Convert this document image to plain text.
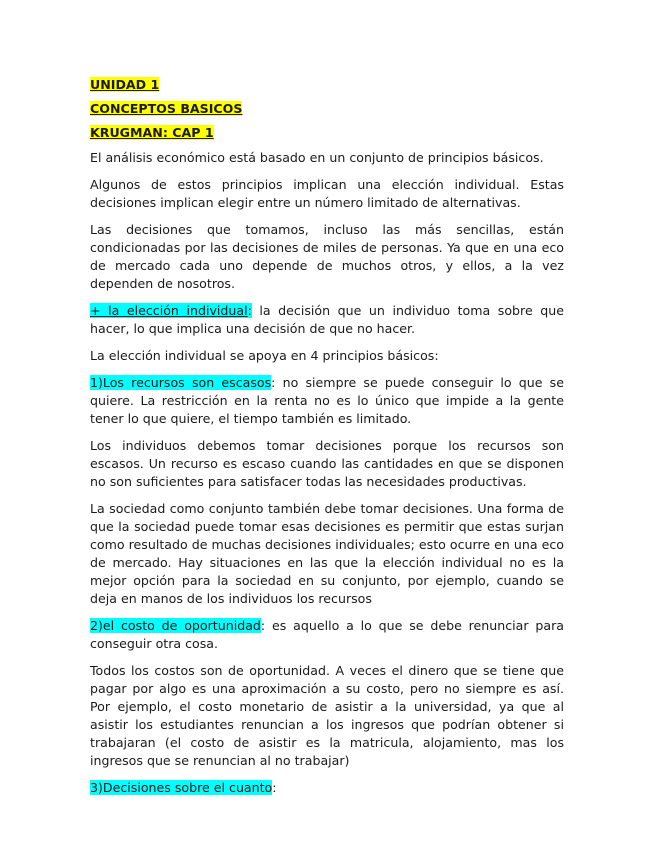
UNIDAD 1
CONCEPTOS BASICOS
KRUGMAN: CAP 1

El análisis económico está basado en un conjunto de principios básicos.

Algunos de estos principios implican una elección individual. Estas decisiones implican elegir entre un número limitado de alternativas.

Las decisiones que tomamos, incluso las más sencillas, están condicionadas por las decisiones de miles de personas. Ya que en una eco de mercado cada uno depende de muchos otros, y ellos, a la vez dependen de nosotros.

+ la elección individual: la decisión que un individuo toma sobre que hacer, lo que implica una decisión de que no hacer.

La elección individual se apoya en 4 principios básicos:

1)Los recursos son escasos: no siempre se puede conseguir lo que se quiere. La restricción en la renta no es lo único que impide a la gente tener lo que quiere, el tiempo también es limitado.

Los individuos debemos tomar decisiones porque los recursos son escasos. Un recurso es escaso cuando las cantidades en que se disponen no son suficientes para satisfacer todas las necesidades productivas.

La sociedad como conjunto también debe tomar decisiones. Una forma de que la sociedad puede tomar esas decisiones es permitir que estas surjan como resultado de muchas decisiones individuales; esto ocurre en una eco de mercado. Hay situaciones en las que la elección individual no es la mejor opción para la sociedad en su conjunto, por ejemplo, cuando se deja en manos de los individuos los recursos

2)el costo de oportunidad: es aquello a lo que se debe renunciar para conseguir otra cosa.

Todos los costos son de oportunidad. A veces el dinero que se tiene que pagar por algo es una aproximación a su costo, pero no siempre es así. Por ejemplo, el costo monetario de asistir a la universidad, ya que al asistir los estudiantes renuncian a los ingresos que podrían obtener si trabajaran (el costo de asistir es la matricula, alojamiento, mas los ingresos que se renuncian al no trabajar)

3)Decisiones sobre el cuanto:
